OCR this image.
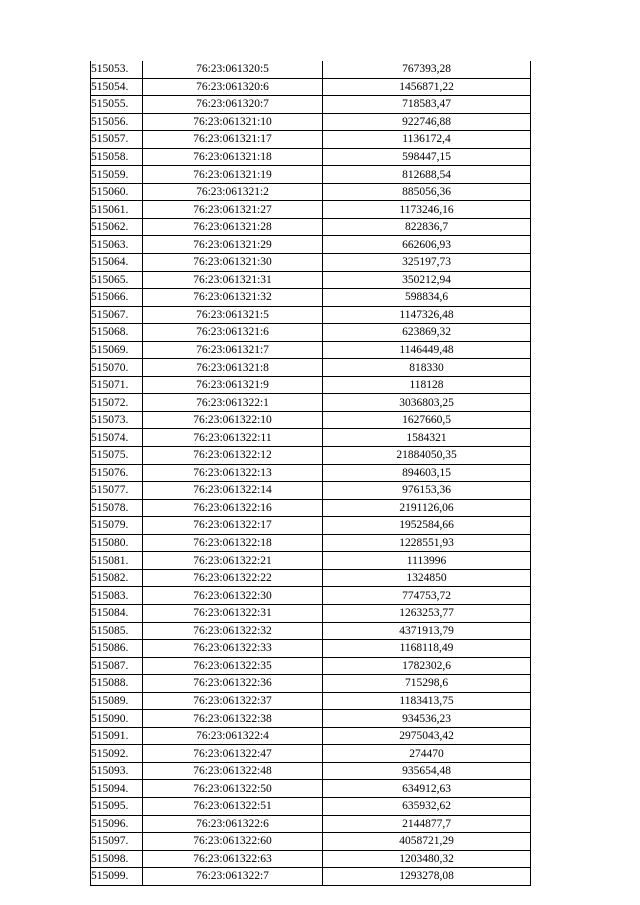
515053.	76:23:061320:5	767393,28
515054.	76:23:061320:6	1456871,22
515055.	76:23:061320:7	718583,47
515056.	76:23:061321:10	922746,88
515057.	76:23:061321:17	1136172,4
515058.	76:23:061321:18	598447,15
515059.	76:23:061321:19	812688,54
515060.	76:23:061321:2	885056,36
515061.	76:23:061321:27	1173246,16
515062.	76:23:061321:28	822836,7
515063.	76:23:061321:29	662606,93
515064.	76:23:061321:30	325197,73
515065.	76:23:061321:31	350212,94
515066.	76:23:061321:32	598834,6
515067.	76:23:061321:5	1147326,48
515068.	76:23:061321:6	623869,32
515069.	76:23:061321:7	1146449,48
515070.	76:23:061321:8	818330
515071.	76:23:061321:9	118128
515072.	76:23:061322:1	3036803,25
515073.	76:23:061322:10	1627660,5
515074.	76:23:061322:11	1584321
515075.	76:23:061322:12	21884050,35
515076.	76:23:061322:13	894603,15
515077.	76:23:061322:14	976153,36
515078.	76:23:061322:16	2191126,06
515079.	76:23:061322:17	1952584,66
515080.	76:23:061322:18	1228551,93
515081.	76:23:061322:21	1113996
515082.	76:23:061322:22	1324850
515083.	76:23:061322:30	774753,72
515084.	76:23:061322:31	1263253,77
515085.	76:23:061322:32	4371913,79
515086.	76:23:061322:33	1168118,49
515087.	76:23:061322:35	1782302,6
515088.	76:23:061322:36	715298,6
515089.	76:23:061322:37	1183413,75
515090.	76:23:061322:38	934536,23
515091.	76:23:061322:4	2975043,42
515092.	76:23:061322:47	274470
515093.	76:23:061322:48	935654,48
515094.	76:23:061322:50	634912,63
515095.	76:23:061322:51	635932,62
515096.	76:23:061322:6	2144877,7
515097.	76:23:061322:60	4058721,29
515098.	76:23:061322:63	1203480,32
515099.	76:23:061322:7	1293278,08
